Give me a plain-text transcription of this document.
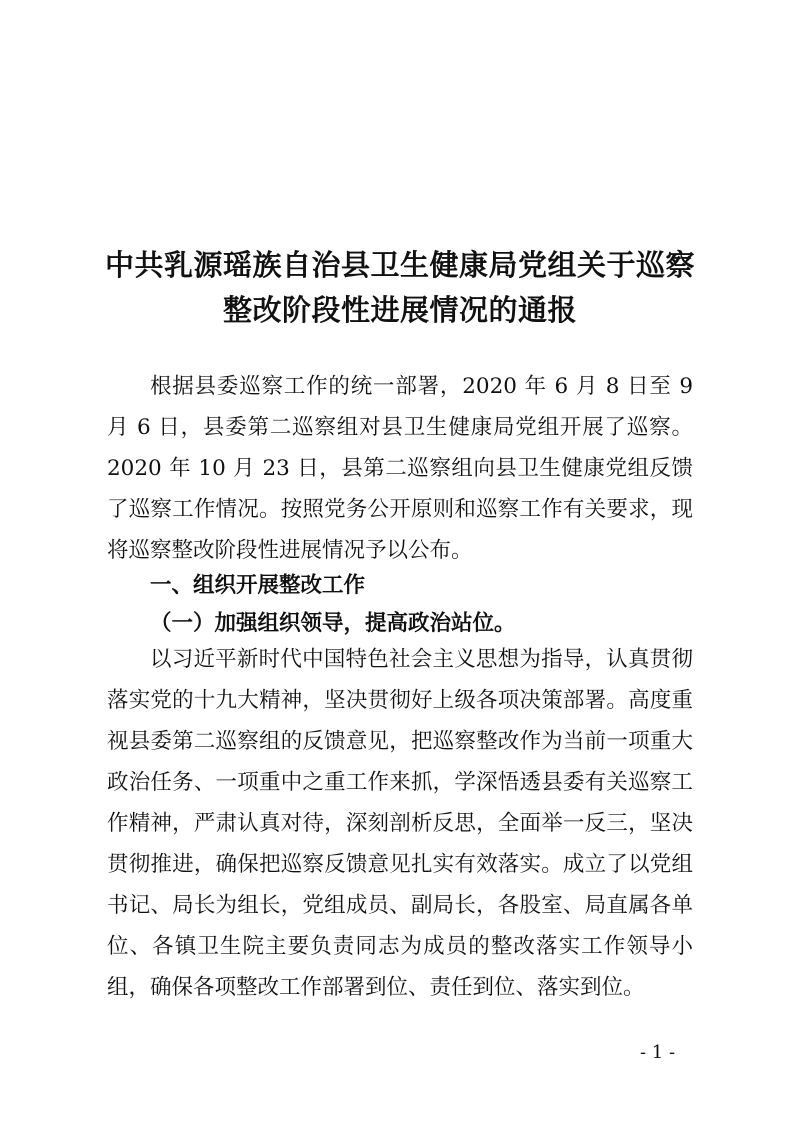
中共乳源瑶族自治县卫生健康局党组关于巡察
整改阶段性进展情况的通报

根据县委巡察工作的统一部署，2020 年 6 月 8 日至 9 月 6 日，县委第二巡察组对县卫生健康局党组开展了巡察。2020 年 10 月 23 日，县第二巡察组向县卫生健康党组反馈了巡察工作情况。按照党务公开原则和巡察工作有关要求，现将巡察整改阶段性进展情况予以公布。

一、组织开展整改工作
（一）加强组织领导，提高政治站位。

以习近平新时代中国特色社会主义思想为指导，认真贯彻落实党的十九大精神，坚决贯彻好上级各项决策部署。高度重视县委第二巡察组的反馈意见，把巡察整改作为当前一项重大政治任务、一项重中之重工作来抓，学深悟透县委有关巡察工作精神，严肃认真对待，深刻剖析反思，全面举一反三，坚决贯彻推进，确保把巡察反馈意见扎实有效落实。成立了以党组书记、局长为组长，党组成员、副局长，各股室、局直属各单位、各镇卫生院主要负责同志为成员的整改落实工作领导小组，确保各项整改工作部署到位、责任到位、落实到位。

- 1 -
